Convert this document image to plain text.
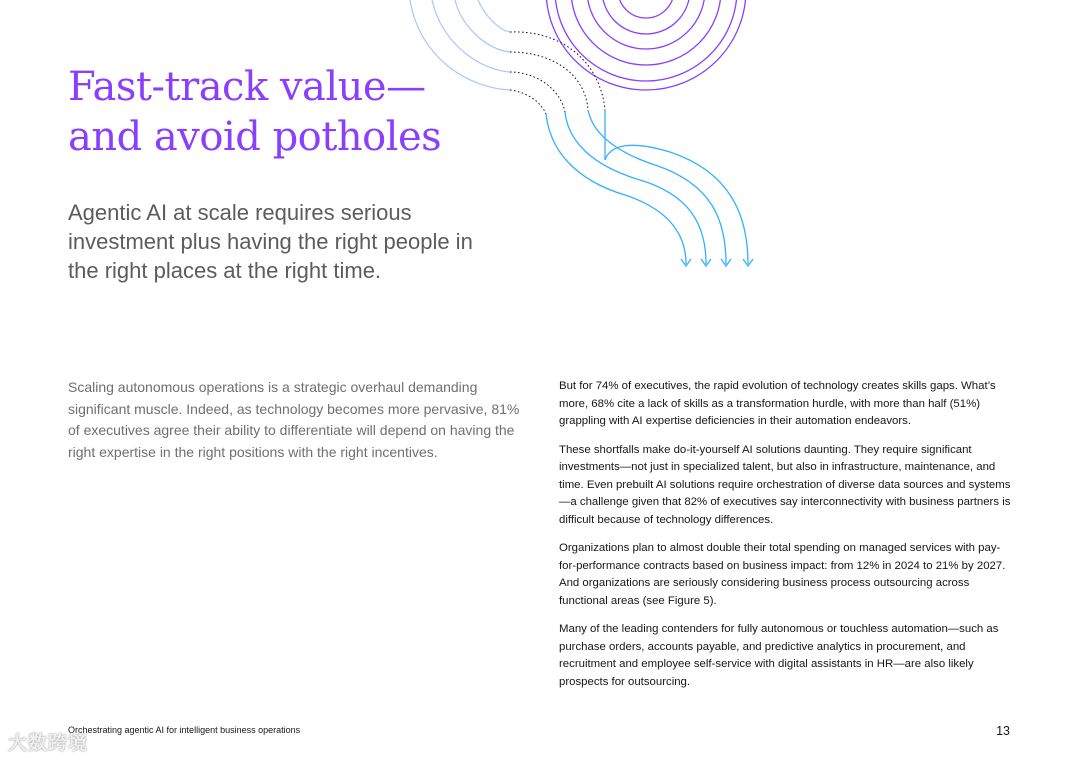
Fast-track value—
and avoid potholes

Agentic AI at scale requires serious investment plus having the right people in the right places at the right time.

Scaling autonomous operations is a strategic overhaul demanding significant muscle. Indeed, as technology becomes more pervasive, 81% of executives agree their ability to differentiate will depend on having the right expertise in the right positions with the right incentives.

But for 74% of executives, the rapid evolution of technology creates skills gaps. What’s more, 68% cite a lack of skills as a transformation hurdle, with more than half (51%) grappling with AI expertise deficiencies in their automation endeavors.

These shortfalls make do-it-yourself AI solutions daunting. They require significant investments—not just in specialized talent, but also in infrastructure, maintenance, and time. Even prebuilt AI solutions require orchestration of diverse data sources and systems—a challenge given that 82% of executives say interconnectivity with business partners is difficult because of technology differences.

Organizations plan to almost double their total spending on managed services with pay-for-performance contracts based on business impact: from 12% in 2024 to 21% by 2027. And organizations are seriously considering business process outsourcing across functional areas (see Figure 5).

Many of the leading contenders for fully autonomous or touchless automation—such as purchase orders, accounts payable, and predictive analytics in procurement, and recruitment and employee self-service with digital assistants in HR—are also likely prospects for outsourcing.

Orchestrating agentic AI for intelligent business operations	13
大数跨境
